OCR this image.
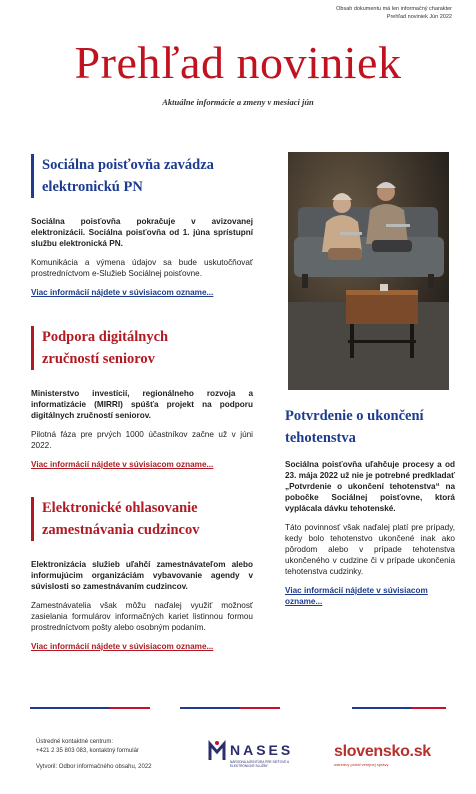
Obsah dokumentu má len informačný charakter
Prehľad noviniek Jún 2022
Prehľad noviniek
Aktuálne informácie a zmeny v mesiaci jún
Sociálna poisťovňa zavádza
elektronickú PN

Sociálna poisťovňa pokračuje v avizovanej elektronizácii. Sociálna poisťovňa od 1. júna sprístupní službu elektronická PN.

Komunikácia a výmena údajov sa bude uskutočňovať prostredníctvom e-Služieb Sociálnej poisťovne.

Viac informácií nájdete v súvisiacom ozname...
Podpora digitálnych
zručností seniorov

Ministerstvo investícií, regionálneho rozvoja a informatizácie (MIRRI) spúšťa projekt na podporu digitálnych zručností seniorov.

Pilotná fáza pre prvých 1000 účastníkov začne už v júni 2022.

Viac informácií nájdete v súvisiacom ozname...
Elektronické ohlasovanie
zamestnávania cudzincov

Elektronizácia služieb uľahčí zamestnávateľom alebo informujúcim organizáciám vybavovanie agendy v súvislosti so zamestnávaním cudzincov.

Zamestnávatelia však môžu naďalej využiť možnosť zasielania formulárov informačných kariet listinnou formou prostredníctvom pošty alebo osobným podaním.

Viac informácií nájdete v súvisiacom ozname...
Potvrdenie o ukončení
tehotenstva

Sociálna poisťovňa uľahčuje procesy a od 23. mája 2022 už nie je potrebné predkladať „Potvrdenie o ukončení tehotenstva“ na pobočke Sociálnej poisťovne, ktorá vyplácala dávku tehotenské.

Táto povinnosť však naďalej platí pre prípady, kedy bolo tehotenstvo ukončené inak ako pôrodom alebo v prípade tehotenstva ukončeného v cudzine či v prípade ukončenia tehotenstva cudzinky.

Viac informácií nájdete v súvisiacom ozname...
Ústredné kontaktné centrum:
+421 2 35 803 083, kontaktný formulár
Vytvoril: Odbor informačného obsahu, 2022
NASES
NÁRODNÁ AGENTÚRA PRE SIEŤOVÉ A ELEKTRONICKÉ SLUŽBY
slovensko.sk
ústredný portál verejnej správy
